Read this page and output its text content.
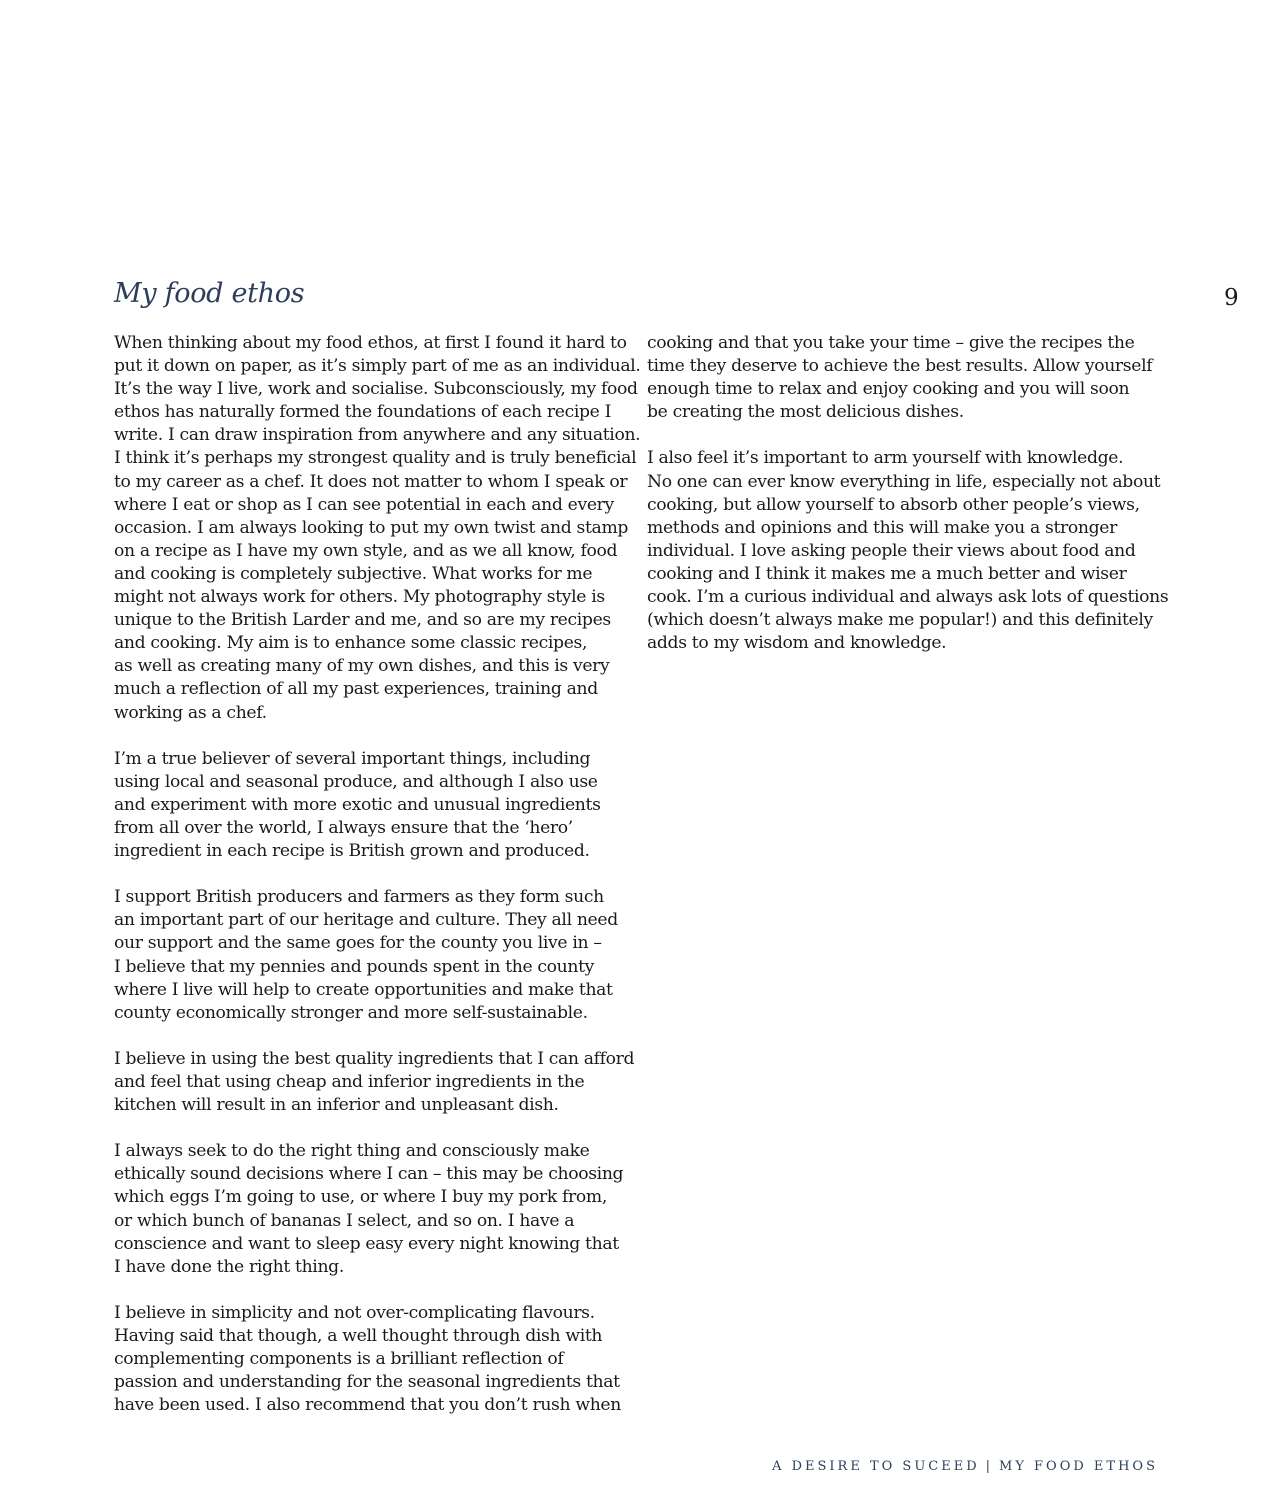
My food ethos	9
When thinking about my food ethos, at first I found it hard to
put it down on paper, as it’s simply part of me as an individual.
It’s the way I live, work and socialise. Subconsciously, my food
ethos has naturally formed the foundations of each recipe I
write. I can draw inspiration from anywhere and any situation.
I think it’s perhaps my strongest quality and is truly beneficial
to my career as a chef. It does not matter to whom I speak or
where I eat or shop as I can see potential in each and every
occasion. I am always looking to put my own twist and stamp
on a recipe as I have my own style, and as we all know, food
and cooking is completely subjective. What works for me
might not always work for others. My photography style is
unique to the British Larder and me, and so are my recipes
and cooking. My aim is to enhance some classic recipes,
as well as creating many of my own dishes, and this is very
much a reflection of all my past experiences, training and
working as a chef.
I’m a true believer of several important things, including
using local and seasonal produce, and although I also use
and experiment with more exotic and unusual ingredients
from all over the world, I always ensure that the ‘hero’
ingredient in each recipe is British grown and produced.
I support British producers and farmers as they form such
an important part of our heritage and culture. They all need
our support and the same goes for the county you live in –
I believe that my pennies and pounds spent in the county
where I live will help to create opportunities and make that
county economically stronger and more self-sustainable.
I believe in using the best quality ingredients that I can afford
and feel that using cheap and inferior ingredients in the
kitchen will result in an inferior and unpleasant dish.
I always seek to do the right thing and consciously make
ethically sound decisions where I can – this may be choosing
which eggs I’m going to use, or where I buy my pork from,
or which bunch of bananas I select, and so on. I have a
conscience and want to sleep easy every night knowing that
I have done the right thing.
I believe in simplicity and not over-complicating flavours.
Having said that though, a well thought through dish with
complementing components is a brilliant reflection of
passion and understanding for the seasonal ingredients that
have been used. I also recommend that you don’t rush when
cooking and that you take your time – give the recipes the
time they deserve to achieve the best results. Allow yourself
enough time to relax and enjoy cooking and you will soon
be creating the most delicious dishes.
I also feel it’s important to arm yourself with knowledge.
No one can ever know everything in life, especially not about
cooking, but allow yourself to absorb other people’s views,
methods and opinions and this will make you a stronger
individual. I love asking people their views about food and
cooking and I think it makes me a much better and wiser
cook. I’m a curious individual and always ask lots of questions
(which doesn’t always make me popular!) and this definitely
adds to my wisdom and knowledge.
A DESIRE TO SUCEED | MY FOOD ETHOS
